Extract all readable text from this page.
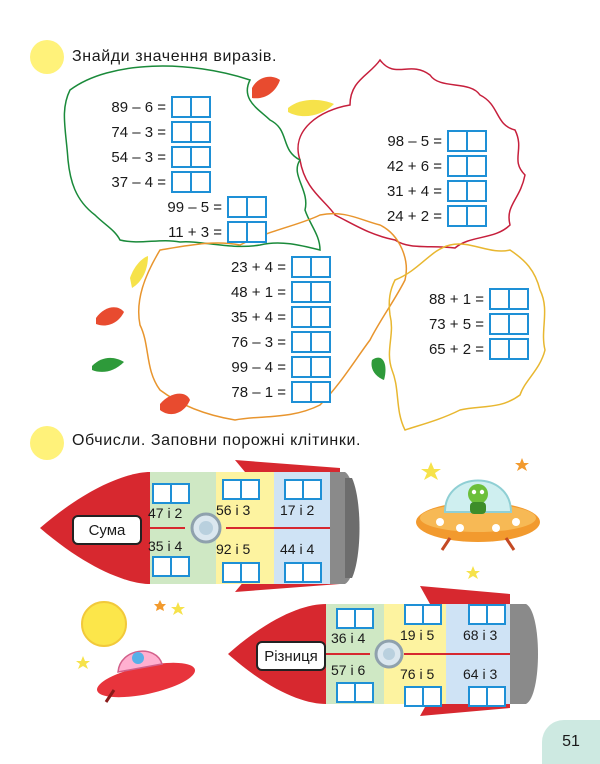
Знайди значення виразів.
89 – 6 =
74 – 3 =
54 – 3 =
37 – 4 =
99 – 5 =
11 + 3 =
98 – 5 =
42 + 6 =
31 + 4 =
24 + 2 =
23 + 4 =
48 + 1 =
35 + 4 =
76 – 3 =
99 – 4 =
78 – 1 =
88 + 1 =
73 + 5 =
65 + 2 =
Обчисли. Заповни порожні клітинки.
Сума
47 і 2 56 і 3 17 і 2
35 і 4 92 і 5 44 і 4
Різниця
36 і 4 19 і 5 68 і 3
57 і 6 76 і 5 64 і 3
51
